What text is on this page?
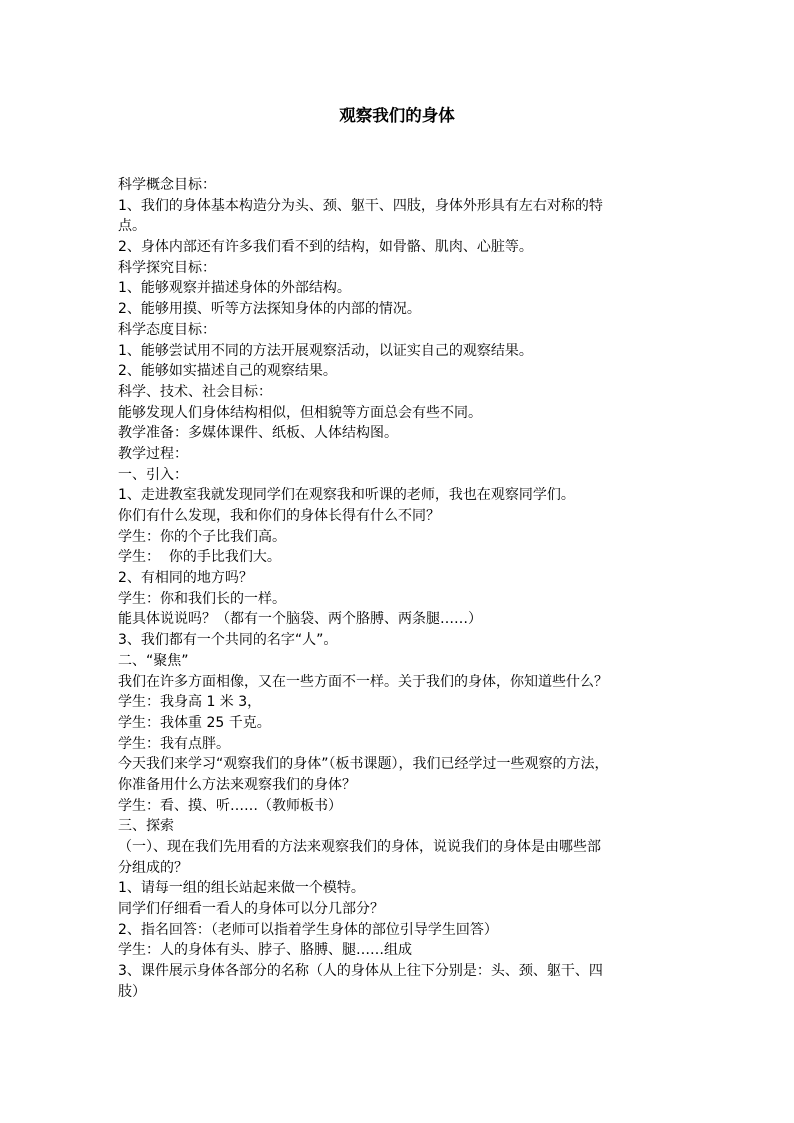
观察我们的身体

科学概念目标：

1、我们的身体基本构造分为头、颈、躯干、四肢，身体外形具有左右对称的特

点。

2、身体内部还有许多我们看不到的结构，如骨骼、肌肉、心脏等。

科学探究目标：

1、能够观察并描述身体的外部结构。

2、能够用摸、听等方法探知身体的内部的情况。

科学态度目标：

1、能够尝试用不同的方法开展观察活动，以证实自己的观察结果。

2、能够如实描述自己的观察结果。

科学、技术、社会目标：

能够发现人们身体结构相似，但相貌等方面总会有些不同。

教学准备：多媒体课件、纸板、人体结构图。

教学过程：

一、引入：

1、走进教室我就发现同学们在观察我和听课的老师，我也在观察同学们。

你们有什么发现，我和你们的身体长得有什么不同？

学生：你的个子比我们高。

学生：  你的手比我们大。

2、有相同的地方吗？

学生：你和我们长的一样。

能具体说说吗？（都有一个脑袋、两个胳膊、两条腿……）

3、我们都有一个共同的名字“人”。

二、“聚焦”

我们在许多方面相像，又在一些方面不一样。关于我们的身体，你知道些什么？

学生：我身高 1 米 3，

学生：我体重 25 千克。

学生：我有点胖。

今天我们来学习“观察我们的身体”（板书课题），我们已经学过一些观察的方法，

你准备用什么方法来观察我们的身体？

学生：看、摸、听……（教师板书）

三、探索

（一）、现在我们先用看的方法来观察我们的身体，说说我们的身体是由哪些部

分组成的？

1、请每一组的组长站起来做一个模特。

同学们仔细看一看人的身体可以分几部分？

2、指名回答：（老师可以指着学生身体的部位引导学生回答）

学生：人的身体有头、脖子、胳膊、腿……组成

3、课件展示身体各部分的名称（人的身体从上往下分别是：头、颈、躯干、四

肢）
